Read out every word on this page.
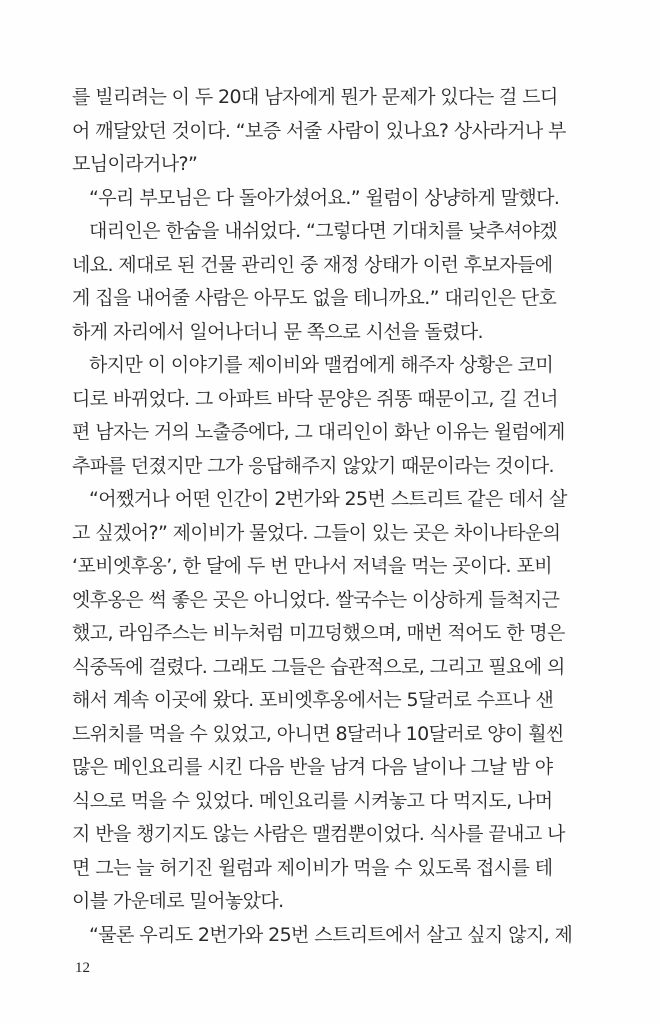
를 빌리려는 이 두 20대 남자에게 뭔가 문제가 있다는 걸 드디
어 깨달았던 것이다. “보증 서줄 사람이 있나요? 상사라거나 부
모님이라거나?”
“우리 부모님은 다 돌아가셨어요.” 윌럼이 상냥하게 말했다.
대리인은 한숨을 내쉬었다. “그렇다면 기대치를 낮추셔야겠
네요. 제대로 된 건물 관리인 중 재정 상태가 이런 후보자들에
게 집을 내어줄 사람은 아무도 없을 테니까요.” 대리인은 단호
하게 자리에서 일어나더니 문 쪽으로 시선을 돌렸다.
하지만 이 이야기를 제이비와 맬컴에게 해주자 상황은 코미
디로 바뀌었다. 그 아파트 바닥 문양은 쥐똥 때문이고, 길 건너
편 남자는 거의 노출증에다, 그 대리인이 화난 이유는 윌럼에게
추파를 던졌지만 그가 응답해주지 않았기 때문이라는 것이다.
“어쨌거나 어떤 인간이 2번가와 25번 스트리트 같은 데서 살
고 싶겠어?” 제이비가 물었다. 그들이 있는 곳은 차이나타운의
‘포비엣후옹’, 한 달에 두 번 만나서 저녁을 먹는 곳이다. 포비
엣후옹은 썩 좋은 곳은 아니었다. 쌀국수는 이상하게 들척지근
했고, 라임주스는 비누처럼 미끄덩했으며, 매번 적어도 한 명은
식중독에 걸렸다. 그래도 그들은 습관적으로, 그리고 필요에 의
해서 계속 이곳에 왔다. 포비엣후옹에서는 5달러로 수프나 샌
드위치를 먹을 수 있었고, 아니면 8달러나 10달러로 양이 훨씬
많은 메인요리를 시킨 다음 반을 남겨 다음 날이나 그날 밤 야
식으로 먹을 수 있었다. 메인요리를 시켜놓고 다 먹지도, 나머
지 반을 챙기지도 않는 사람은 맬컴뿐이었다. 식사를 끝내고 나
면 그는 늘 허기진 윌럼과 제이비가 먹을 수 있도록 접시를 테
이블 가운데로 밀어놓았다.
“물론 우리도 2번가와 25번 스트리트에서 살고 싶지 않지, 제
12
